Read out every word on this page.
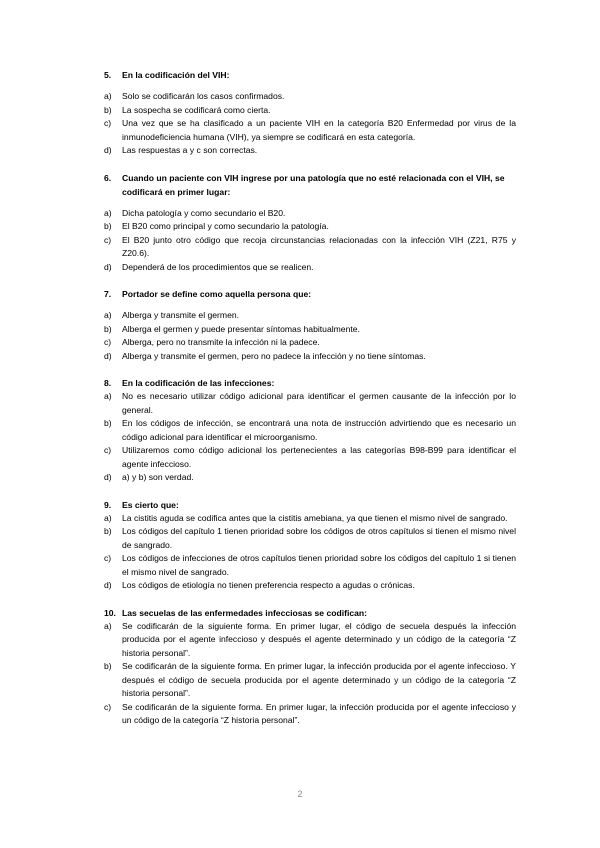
5.	En la codificación del VIH:
a)	Solo se codificarán los casos confirmados.
b)	La sospecha se codificará como cierta.
c)	Una vez que se ha clasificado a un paciente VIH en la categoría B20 Enfermedad por virus de la inmunodeficiencia humana (VIH), ya siempre se codificará en esta categoría.
d)	Las respuestas a y c son correctas.
6.	Cuando un paciente con VIH ingrese por una patología que no esté relacionada con el VIH, se codificará en primer lugar:
a)	Dicha patología y como secundario el B20.
b)	El B20 como principal y como secundario la patología.
c)	El B20 junto otro código que recoja circunstancias relacionadas con la infección VIH (Z21, R75 y Z20.6).
d)	Dependerá de los procedimientos que se realicen.
7.	Portador se define como aquella persona que:
a)	Alberga y transmite el germen.
b)	Alberga el germen y puede presentar síntomas habitualmente.
c)	Alberga, pero no transmite la infección ni la padece.
d)	Alberga y transmite el germen, pero no padece la infección y no tiene síntomas.
8.	En la codificación de las infecciones:
a)	No es necesario utilizar código adicional para identificar el germen causante de la infección por lo general.
b)	En los códigos de infección, se encontrará una nota de instrucción advirtiendo que es necesario un código adicional para identificar el microorganismo.
c)	Utilizaremos como código adicional los pertenecientes a las categorías B98-B99 para identificar el agente infeccioso.
d)	a) y b) son verdad.
9.	Es cierto que:
a)	La cistitis aguda se codifica antes que la cistitis amebiana, ya que tienen el mismo nivel de sangrado.
b)	Los códigos del capítulo 1 tienen prioridad sobre los códigos de otros capítulos si tienen el mismo nivel de sangrado.
c)	Los códigos de infecciones de otros capítulos tienen prioridad sobre los códigos del capítulo 1 si tienen el mismo nivel de sangrado.
d)	Los códigos de etiología no tienen preferencia respecto a agudas o crónicas.
10. Las secuelas de las enfermedades infecciosas se codifican:
a)	Se codificarán de la siguiente forma. En primer lugar, el código de secuela después la infección producida por el agente infeccioso y después el agente determinado y un código de la categoría “Z historia personal”.
b)	Se codificarán de la siguiente forma. En primer lugar, la infección producida por el agente infeccioso. Y después el código de secuela producida por el agente determinado y un código de la categoría “Z historia personal”.
c)	Se codificarán de la siguiente forma. En primer lugar, la infección producida por el agente infeccioso y un código de la categoría “Z historia personal”.
2
